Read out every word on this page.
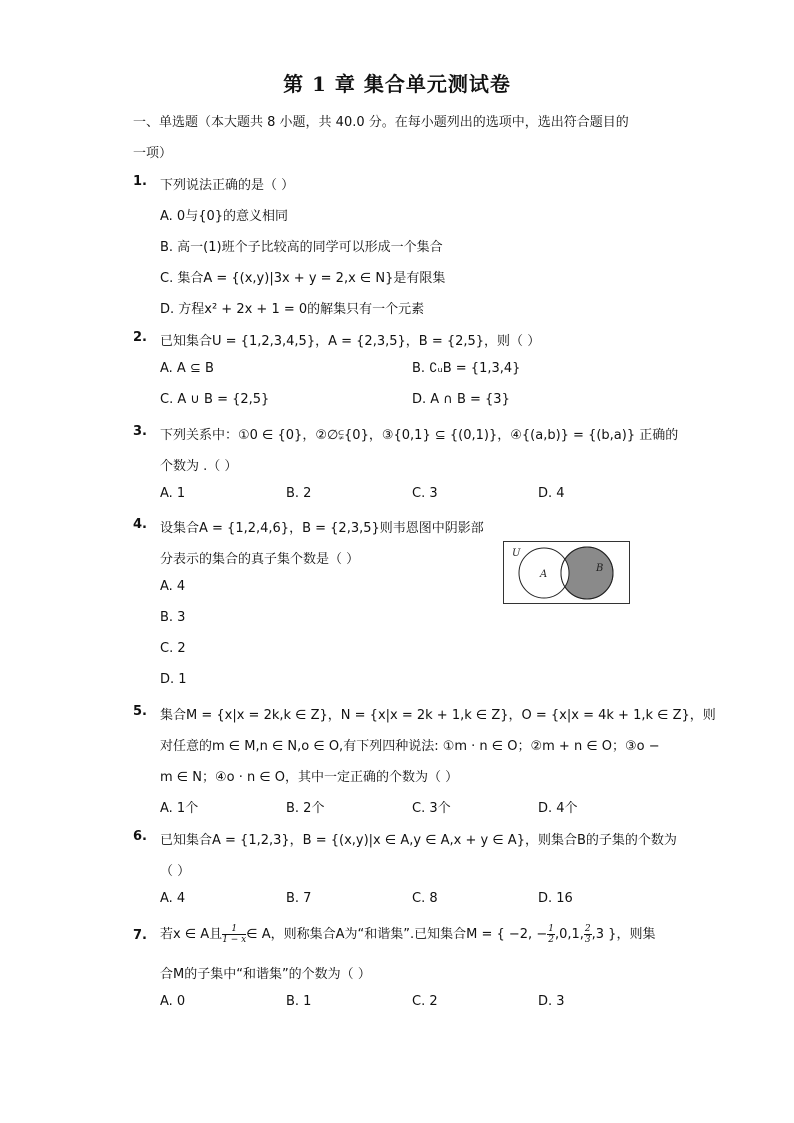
第 1 章 集合单元测试卷
一、单选题（本大题共 8 小题，共 40.0 分。在每小题列出的选项中，选出符合题目的
一项）
1. 下列说法正确的是（ ）
A. 0与{0}的意义相同
B. 高一(1)班个子比较高的同学可以形成一个集合
C. 集合A = {(x,y)|3x + y = 2,x ∈ N}是有限集
D. 方程x² + 2x + 1 = 0的解集只有一个元素
2. 已知集合U = {1,2,3,4,5}，A = {2,3,5}，B = {2,5}，则（ ）
A. A ⊆ B	B. ∁ᵤB = {1,3,4}
C. A ∪ B = {2,5}	D. A ∩ B = {3}
3. 下列关系中：①0 ∈ {0}，②∅⫋{0}，③{0,1} ⊆ {(0,1)}，④{(a,b)} = {(b,a)} 正确的
个数为 .（ ）
A. 1	B. 2	C. 3	D. 4
4. 设集合A = {1,2,4,6}，B = {2,3,5}则韦恩图中阴影部
分表示的集合的真子集个数是（ ）
A. 4
B. 3
C. 2
D. 1
U
A
B
5. 集合M = {x|x = 2k,k ∈ Z}，N = {x|x = 2k + 1,k ∈ Z}，O = {x|x = 4k + 1,k ∈ Z}，则
对任意的m ∈ M,n ∈ N,o ∈ O,有下列四种说法: ①m · n ∈ O；②m + n ∈ O；③o −
m ∈ N；④o · n ∈ O，其中一定正确的个数为（ ）
A. 1个	B. 2个	C. 3个	D. 4个
6. 已知集合A = {1,2,3}，B = {(x,y)|x ∈ A,y ∈ A,x + y ∈ A}，则集合B的子集的个数为
（ ）
A. 4	B. 7	C. 8	D. 16
7. 若x ∈ A且 $\frac{1}{1 - x}$ ∈ A，则称集合A为“和谐集”.已知集合M = { −2, − $\frac{1}{2} ,0,1$, $\frac{2}{3} ,3$ }，则集
合M的子集中“和谐集”的个数为（ ）
A. 0	B. 1	C. 2	D. 3
